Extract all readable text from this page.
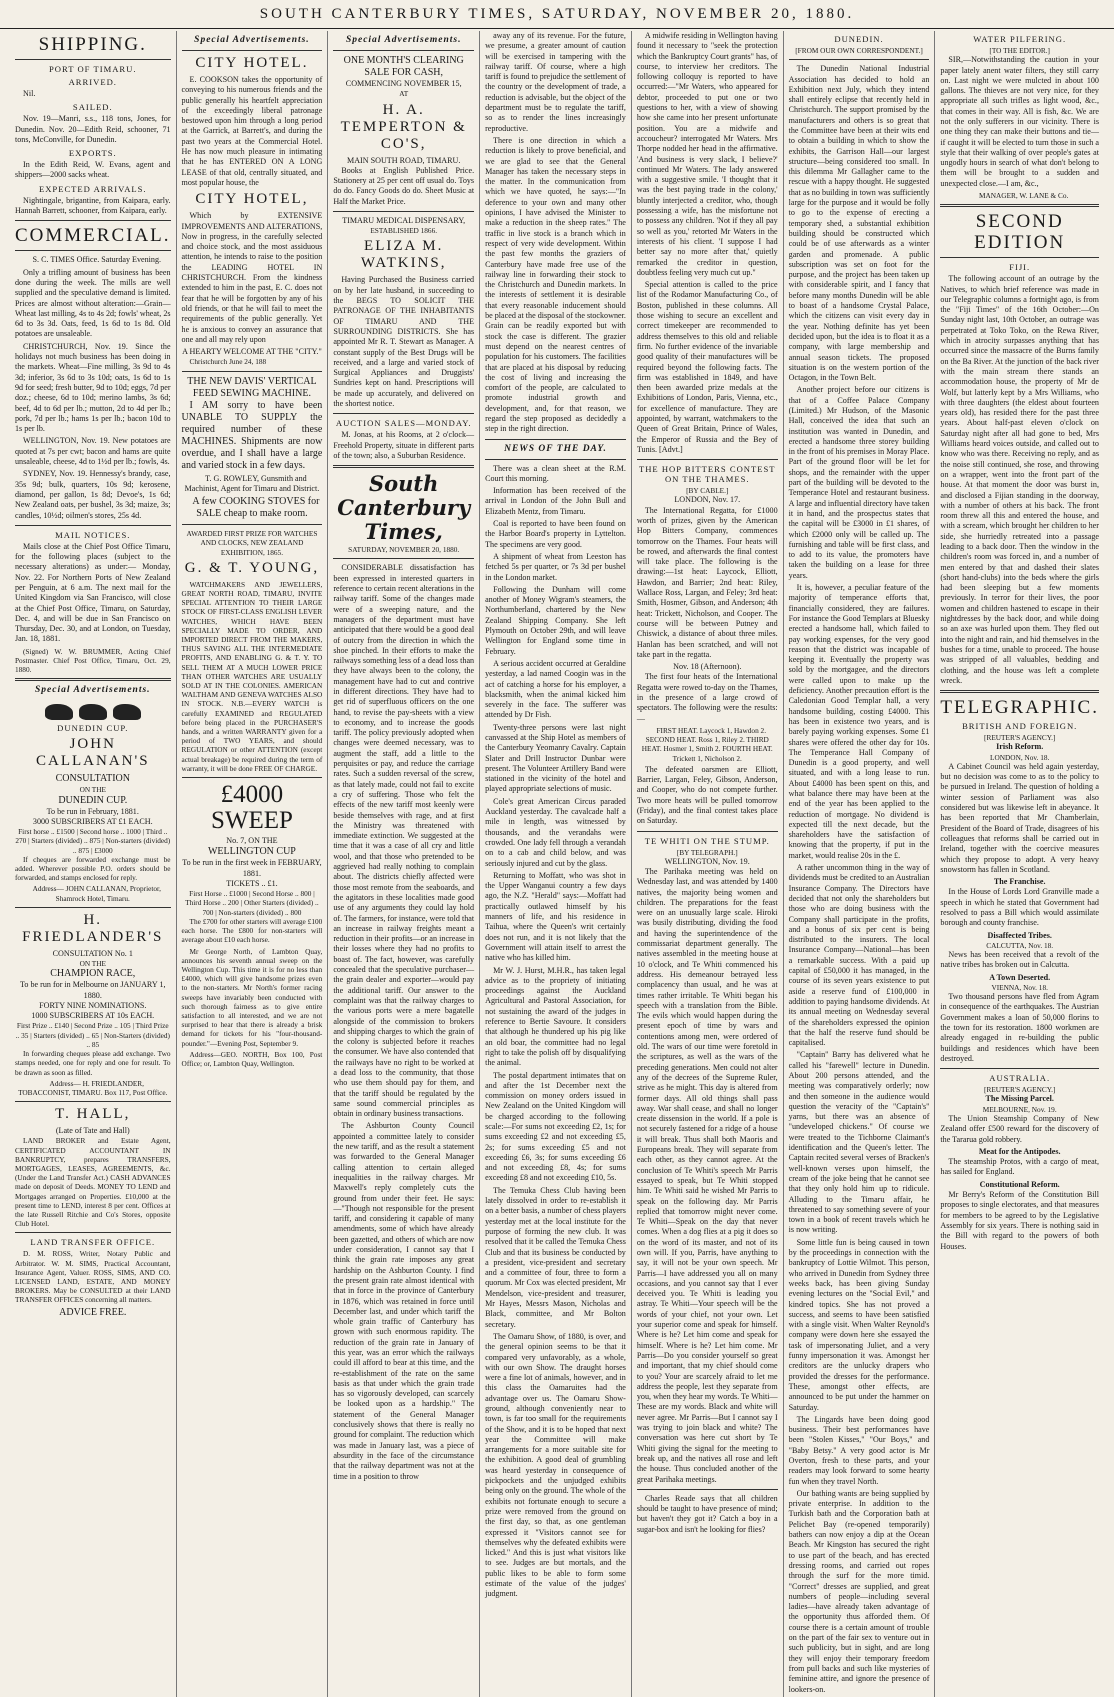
SOUTH CANTERBURY TIMES, SATURDAY, NOVEMBER 20, 1880.
SHIPPING.
PORT OF TIMARU.
ARRIVED.

Nil.

SAILED.

Nov. 19—Manri, s.s., 118 tons, Jones, for Dunedin. Nov. 20—Edith Reid, schooner, 71 tons, McConville, for Dunedin.

EXPORTS.

In the Edith Reid, W. Evans, agent and shippers—2000 sacks wheat.

EXPECTED ARRIVALS.

Nightingale, brigantine, from Kaipara, early. Hannah Barrett, schooner, from Kaipara, early.

COMMERCIAL.

S. C. TIMES Office. Saturday Evening.

Only a trifling amount of business has been done during the week. The mills are well supplied and the speculative demand is limited. Prices are almost without alteration:—Grain—Wheat last milling, 4s to 4s 2d; fowls' wheat, 2s 6d to 3s 3d. Oats, feed, 1s 6d to 1s 8d. Old potatoes are unsaleable.

CHRISTCHURCH, Nov. 19. Since the holidays not much business has been doing in the markets. Wheat—Fine milling, 3s 9d to 4s 3d; inferior, 3s 6d to 3s 10d; oats, 1s 6d to 1s 9d for seed; fresh butter, 9d to 10d; eggs, 7d per doz.; cheese, 6d to 10d; merino lambs, 3s 6d; beef, 4d to 6d per lb.; mutton, 2d to 4d per lb.; pork, 7d per lb.; hams 1s per lb.; bacon 10d to 1s per lb.

WELLINGTON, Nov. 19. New potatoes are quoted at 7s per cwt; bacon and hams are quite unsaleable, cheese, 4d to 1½d per lb.; fowls, 4s.

SYDNEY, Nov. 19. Hennessy's brandy, case, 35s 9d; bulk, quarters, 10s 9d; kerosene, diamond, per gallon, 1s 8d; Devoe's, 1s 6d; New Zealand oats, per bushel, 3s 3d; maize, 3s; candles, 10½d; oilmen's stores, 25s 4d.

MAIL NOTICES.

Mails close at the Chief Post Office Timaru, for the following places (subject to the necessary alterations) as under:— Monday, Nov. 22. For Northern Ports of New Zealand per Penguin, at 6 a.m. The next mail for the United Kingdom via San Francisco, will close at the Chief Post Office, Timaru, on Saturday, Dec. 4, and will be due in San Francisco on Thursday, Dec. 30, and at London, on Tuesday, Jan. 18, 1881.

(Signed) W. W. BRUMMER, Acting Chief Postmaster. Chief Post Office, Timaru, Oct. 29, 1880.

Special Advertisements.
DUNEDIN CUP.
JOHN CALLANAN'S
CONSULTATION
ON THE
DUNEDIN CUP.
To be run in February, 1881.
3000 SUBSCRIBERS AT £1 EACH.
First horse .. £1500 | Second horse .. 1000 | Third .. 270 | Starters (divided) .. 875 | Non-starters (divided) .. 875 | £3000

If cheques are forwarded exchange must be added. Wherever possible P.O. orders should be forwarded, and stamps enclosed for reply.

Address— JOHN CALLANAN, Proprietor, Shamrock Hotel, Timaru.

H. FRIEDLANDER'S
CONSULTATION No. 1
ON THE
CHAMPION RACE,
To be run for in Melbourne on JANUARY 1, 1880.
FORTY NINE NOMINATIONS.
1000 SUBSCRIBERS AT 10s EACH.
First Prize .. £140 | Second Prize .. 105 | Third Prize .. 35 | Starters (divided) .. 65 | Non-Starters (divided) .. 85

In forwarding cheques please add exchange. Two stamps needed, one for reply and one for result. To be drawn as soon as filled.

Address— H. FRIEDLANDER, TOBACCONIST, TIMARU. Box 117, Post Office.

T. HALL,
(Late of Tate and Hall)

LAND BROKER and Estate Agent, CERTIFICATED ACCOUNTANT IN BANKRUPTCY, prepares TRANSFERS, MORTGAGES, LEASES, AGREEMENTS, &c. (Under the Land Transfer Act.) CASH ADVANCES made on deposit of Deeds. MONEY TO LEND and Mortgages arranged on Properties. £10,000 at the present time to LEND, interest 8 per cent. Offices at the late Russell Ritchie and Co's Stores, opposite Club Hotel.

LAND TRANSFER OFFICE.

D. M. ROSS, Writer, Notary Public and Arbitrator. W. M. SIMS, Practical Accountant, Insurance Agent, Valuer. ROSS, SIMS, AND CO. LICENSED LAND, ESTATE, AND MONEY BROKERS. May be CONSULTED at their LAND TRANSFER OFFICES concerning all matters.

ADVICE FREE.
Special Advertisements.
CITY HOTEL.

E. COOKSON takes the opportunity of conveying to his numerous friends and the public generally his heartfelt appreciation of the exceedingly liberal patronage bestowed upon him through a long period at the Garrick, at Barrett's, and during the past two years at the Commercial Hotel. He has now much pleasure in intimating that he has ENTERED ON A LONG LEASE of that old, centrally situated, and most popular house, the

CITY HOTEL,

Which by EXTENSIVE IMPROVEMENTS AND ALTERATIONS, Now in progress, in the carefully selected and choice stock, and the most assiduous attention, he intends to raise to the position the LEADING HOTEL IN CHRISTCHURCH. From the kindness extended to him in the past, E. C. does not fear that he will be forgotten by any of his old friends, or that he will fail to meet the requirements of the public generally. Yet he is anxious to convey an assurance that one and all may rely upon

A HEARTY WELCOME AT THE "CITY."

Christchurch June 24, 188

THE NEW DAVIS' VERTICAL FEED SEWING MACHINE.

I AM sorry to have been UNABLE TO SUPPLY the required number of these MACHINES. Shipments are now overdue, and I shall have a large and varied stock in a few days.

T. G. ROWLEY, Gunsmith and Machinist, Agent for Timaru and District.

A few COOKING STOVES for SALE cheap to make room.

AWARDED FIRST PRIZE FOR WATCHES AND CLOCKS, NEW ZEALAND EXHIBITION, 1865.
G. & T. YOUNG,

WATCHMAKERS AND JEWELLERS, GREAT NORTH ROAD, TIMARU, INVITE SPECIAL ATTENTION TO THEIR LARGE STOCK OF FIRST-CLASS ENGLISH LEVER WATCHES, WHICH HAVE BEEN SPECIALLY MADE TO ORDER, AND IMPORTED DIRECT FROM THE MAKERS, THUS SAVING ALL THE INTERMEDIATE PROFITS, AND ENABLING G. & T. Y. TO SELL THEM AT A MUCH LOWER PRICE THAN OTHER WATCHES ARE USUALLY SOLD AT IN THE COLONIES. AMERICAN WALTHAM AND GENEVA WATCHES ALSO IN STOCK. N.B.—EVERY WATCH is carefully EXAMINED and REGULATED before being placed in the PURCHASER'S hands, and a written WARRANTY given for a period of TWO YEARS, and should REGULATION or other ATTENTION (except actual breakage) be required during the term of warranty, it will be done FREE OF CHARGE.

£4000 SWEEP
No. 7, ON THE
WELLINGTON CUP
To be run in the first week in FEBRUARY, 1881.
TICKETS .. £1.
First Horse .. £1000 | Second Horse .. 800 | Third Horse .. 200 | Other Starters (divided) .. 700 | Non-starters (divided) .. 800

The £700 for other starters will average £100 each horse. The £800 for non-starters will average about £10 each horse.

Mr George North, of Lambton Quay, announces his seventh annual sweep on the Wellington Cup. This time it is for no less than £4000, which will give handsome prizes even to the non-starters. Mr North's former racing sweeps have invariably been conducted with such thorough fairness as to give entire satisfaction to all interested, and we are not surprised to hear that there is already a brisk demand for tickets for his "four-thousand-pounder."—Evening Post, September 9.

Address—GEO. NORTH, Box 100, Post Office; or, Lambton Quay, Wellington.

Special Advertisements.
ONE MONTH'S CLEARING SALE FOR CASH,
COMMENCING NOVEMBER 15,
AT
H. A. TEMPERTON & CO'S,
MAIN SOUTH ROAD, TIMARU.

Books at English Published Price. Stationery at 25 per cent off usual do. Toys do do. Fancy Goods do do. Sheet Music at Half the Market Price.

TIMARU MEDICAL DISPENSARY,
ESTABLISHED 1866.
ELIZA M. WATKINS,

Having Purchased the Business carried on by her late husband, in succeeding to the BEGS TO SOLICIT THE PATRONAGE OF THE INHABITANTS OF TIMARU AND THE SURROUNDING DISTRICTS. She has appointed Mr R. T. Stewart as Manager. A constant supply of the Best Drugs will be received, and a large and varied stock of Surgical Appliances and Druggists' Sundries kept on hand. Prescriptions will be made up accurately, and delivered on the shortest notice.

AUCTION SALES—MONDAY.

M. Jonas, at his Rooms, at 2 o'clock—Freehold Property, situate in different parts of the town; also, a Suburban Residence.

South Canterbury Times,
SATURDAY, NOVEMBER 20, 1880.

CONSIDERABLE dissatisfaction has been expressed in interested quarters in reference to certain recent alterations in the railway tariff. Some of the changes made were of a sweeping nature, and the managers of the department must have anticipated that there would be a good deal of outcry from the direction in which the shoe pinched. In their efforts to make the railways something less of a dead loss than they have always been to the colony, the management have had to cut and contrive in different directions. They have had to get rid of superfluous officers on the one hand, to revise the pay-sheets with a view to economy, and to increase the goods tariff. The policy previously adopted when changes were deemed necessary, was to augment the staff, add a little to the perquisites or pay, and reduce the carriage rates. Such a sudden reversal of the screw, as that lately made, could not fail to excite a cry of suffering. Those who felt the effects of the new tariff most keenly were beside themselves with rage, and at first the Ministry was threatened with immediate extinction. We suggested at the time that it was a case of all cry and little wool, and that those who pretended to be aggrieved had really nothing to complain about. The districts chiefly affected were those most remote from the seaboards, and the agitators in these localities made good use of any arguments they could lay hold of. The farmers, for instance, were told that an increase in railway freights meant a reduction in their profits—or an increase in their losses where they had no profits to boast of. The fact, however, was carefully concealed that the speculative purchaser—the grain dealer and exporter—would pay the additional tariff. Our answer to the complaint was that the railway charges to the various ports were a mere bagatelle alongside of the commission to brokers and shipping charges to which the grain of the colony is subjected before it reaches the consumer. We have also contended that the railways have no right to be worked at a dead loss to the community, that those who use them should pay for them, and that the tariff should be regulated by the same sound commercial principles as obtain in ordinary business transactions.

The Ashburton County Council appointed a committee lately to consider the new tariff, and as the result a statement was forwarded to the General Manager calling attention to certain alleged inequalities in the railway charges. Mr Maxwell's reply completely cuts the ground from under their feet. He says:—"Though not responsible for the present tariff, and considering it capable of many amendments, some of which have already been gazetted, and others of which are now under consideration, I cannot say that I think the grain rate imposes any great hardship on the Ashburton County. I find the present grain rate almost identical with that in force in the province of Canterbury in 1876, which was retained in force until December last, and under which tariff the whole grain traffic of Canterbury has grown with such enormous rapidity. The reduction of the grain rate in January of this year, was an error which the railways could ill afford to bear at this time, and the re-establishment of the rate on the same basis as that under which the grain trade has so vigorously developed, can scarcely be looked upon as a hardship." The statement of the General Manager conclusively shows that there is really no ground for complaint. The reduction which was made in January last, was a piece of absurdity in the face of the circumstance that the railway department was not at the time in a position to throw

away any of its revenue. For the future, we presume, a greater amount of caution will be exercised in tampering with the railway tariff. Of course, where a high tariff is found to prejudice the settlement of the country or the development of trade, a reduction is advisable, but the object of the department must be to regulate the tariff, so as to render the lines increasingly reproductive.

There is one direction in which a reduction is likely to prove beneficial, and we are glad to see that the General Manager has taken the necessary steps in the matter. In the communication from which we have quoted, he says:—"In deference to your own and many other opinions, I have advised the Minister to make a reduction in the sheep rates." The traffic in live stock is a branch which in respect of very wide development. Within the past few months the graziers of Canterbury have made free use of the railway line in forwarding their stock to the Christchurch and Dunedin markets. In the interests of settlement it is desirable that every reasonable inducement should be placed at the disposal of the stockowner. Grain can be readily exported but with stock the case is different. The grazier must depend on the nearest centres of population for his customers. The facilities that are placed at his disposal by reducing the cost of living and increasing the comfort of the people, are calculated to promote industrial growth and development, and, for that reason, we regard the step proposed as decidedly a step in the right direction.

NEWS OF THE DAY.

There was a clean sheet at the R.M. Court this morning.

Information has been received of the arrival in London of the John Bull and Elizabeth Mentz, from Timaru.

Coal is reported to have been found on the Harbor Board's property in Lyttelton. The specimens are very good.

A shipment of wheat from Leeston has fetched 5s per quarter, or 7s 3d per bushel in the London market.

Following the Dunham will come another of Money Wigram's steamers, the Northumberland, chartered by the New Zealand Shipping Company. She left Plymouth on October 29th, and will leave Wellington for England some time in February.

A serious accident occurred at Geraldine yesterday, a lad named Coogin was in the act of catching a horse for his employer, a blacksmith, when the animal kicked him severely in the face. The sufferer was attended by Dr Fish.

Twenty-three persons were last night canvassed at the Ship Hotel as members of the Canterbury Yeomanry Cavalry. Captain Slater and Drill Instructor Dunbar were present. The Volunteer Artillery Band were stationed in the vicinity of the hotel and played appropriate selections of music.

Cole's great American Circus paraded Auckland yesterday. The cavalcade half a mile in length, was witnessed by thousands, and the verandahs were crowded. One lady fell through a verandah on to a cab and child below, and was seriously injured and cut by the glass.

Returning to Moffatt, who was shot in the Upper Wanganui country a few days ago, the N.Z. "Herald" says:—Moffatt had practically outlawed himself by his manners of life, and his residence in Taihua, where the Queen's writ certainly does not run, and it is not likely that the Government will attain itself to arrest the native who has killed him.

Mr W. J. Hurst, M.H.R., has taken legal advice as to the propriety of initiating proceedings against the Auckland Agricultural and Pastoral Association, for not sustaining the award of the judges in reference to Bertie Savoure. It considers that although he thundered up his pig like an old boar, the committee had no legal right to take the polish off by disqualifying the animal.

The postal department intimates that on and after the 1st December next the commission on money orders issued in New Zealand on the United Kingdom will be charged according to the following scale:—For sums not exceeding £2, 1s; for sums exceeding £2 and not exceeding £5, 2s; for sums exceeding £5 and not exceeding £6, 3s; for sums exceeding £6 and not exceeding £8, 4s; for sums exceeding £8 and not exceeding £10, 5s.

The Temuka Chess Club having been lately dissolved in order to re-establish it on a better basis, a number of chess players yesterday met at the local institute for the purpose of forming the new club. It was resolved that it be called the Temuka Chess Club and that its business be conducted by a president, vice-president and secretary and a committee of four, three to form a quorum. Mr Cox was elected president, Mr Mendelson, vice-president and treasurer, Mr Hayes, Messrs Mason, Nicholas and Black, committee, and Mr Bolton secretary.

The Oamaru Show, of 1880, is over, and the general opinion seems to be that it compared very unfavorably, as a whole, with our own Show. The draught horses were a fine lot of animals, however, and in this class the Oamaruites had the advantage over us. The Oamaru Show-ground, although conveniently near to town, is far too small for the requirements of the Show, and it is to be hoped that next year the Committee will make arrangements for a more suitable site for the exhibition. A good deal of grumbling was heard yesterday in consequence of pickpockets and the unjudged exhibits being only on the ground. The whole of the exhibits not fortunate enough to secure a prize were removed from the ground on the first day, so that, as one gentleman expressed it "Visitors cannot see for themselves why the defeated exhibits were licked." And this is just what visitors like to see. Judges are but mortals, and the public likes to be able to form some estimate of the value of the judges' judgment.

A midwife residing in Wellington having found it necessary to "seek the protection which the Bankruptcy Court grants" has, of course, to interview her creditors. The following colloquy is reported to have occurred:—"Mr Waters, who appeared for debtor, proceeded to put one or two questions to her, with a view of showing how she came into her present unfortunate position. You are a midwife and accoucheur? interrogated Mr Waters. Mrs Thorpe nodded her head in the affirmative. 'And business is very slack, I believe?' continued Mr Waters. The lady answered with a suggestive smile. 'I thought that it was the best paying trade in the colony,' bluntly interjected a creditor, who, though possessing a wife, has the misfortune not to possess any children. 'Not if they all pay so well as you,' retorted Mr Waters in the interests of his client. 'I suppose I had better say no more after that,' quietly remarked the creditor in question, doubtless feeling very much cut up."

Special attention is called to the price list of the Rodamor Manufacturing Co., of Boston, published in these columns. All those wishing to secure an excellent and correct timekeeper are recommended to address themselves to this old and reliable firm. No further evidence of the invariable good quality of their manufactures will be required beyond the following facts. The firm was established in 1849, and have then been awarded prize medals at the Exhibitions of London, Paris, Vienna, etc., for excellence of manufacture. They are appointed, by warrant, watchmakers to the Queen of Great Britain, Prince of Wales, the Emperor of Russia and the Bey of Tunis. [Advt.]

THE HOP BITTERS CONTEST ON THE THAMES.
[BY CABLE.]
LONDON, Nov. 17.

The International Regatta, for £1000 worth of prizes, given by the American Hop Bitters Company, commences tomorrow on the Thames. Four heats will be rowed, and afterwards the final contest will take place. The following is the drawing:—1st heat: Laycock, Elliott, Hawdon, and Barrier; 2nd heat: Riley, Wallace Ross, Largan, and Feley; 3rd heat: Smith, Hosmer, Gibson, and Anderson; 4th heat: Trickett, Nicholson, and Cooper. The course will be between Putney and Chiswick, a distance of about three miles. Hanlan has been scratched, and will not take part in the regatta.

Nov. 18 (Afternoon).

The first four heats of the International Regatta were rowed to-day on the Thames, in the presence of a large crowd of spectators. The following were the results:—

FIRST HEAT. Laycock 1, Hawdon 2. SECOND HEAT. Ross 1, Riley 2. THIRD HEAT. Hosmer 1, Smith 2. FOURTH HEAT. Trickett 1, Nicholson 2.

The defeated oarsmen are Elliott, Barrier, Largan, Feley, Gibson, Anderson, and Cooper, who do not compete further. Two more heats will be pulled tomorrow (Friday), and the final contest takes place on Saturday.

TE WHITI ON THE STUMP.
[BY TELEGRAPH.]
WELLINGTON, Nov. 19.

The Parihaka meeting was held on Wednesday last, and was attended by 1400 natives, the majority being women and children. The preparations for the feast were on an unusually large scale. Hiroki was busily distributing, dividing the food and having the superintendence of the commissariat department generally. The natives assembled in the meeting house at 10 o'clock, and Te Whiti commenced his address. His demeanour betrayed less complacency than usual, and he was at times rather irritable. Te Whiti began his speech with a translation from the Bible. The evils which would happen during the present epoch of time by wars and contentions among men, were ordered of old. The wars of our time were foretold in the scriptures, as well as the wars of the preceding generations. Men could not alter any of the decrees of the Supreme Ruler, strive as he might. This day is altered from former days. All old things shall pass away. War shall cease, and shall no longer create dissension in the world. If a pole is not securely fastened for a ridge of a house it will break. Thus shall both Maoris and Europeans break. They will separate from each other, as they cannot agree. At the conclusion of Te Whiti's speech Mr Parris essayed to speak, but Te Whiti stopped him. Te Whiti said he wished Mr Parris to speak on the following day. Mr Parris replied that tomorrow might never come. Te Whiti—Speak on the day that never comes. When a dog flies at a pig it does so on the word of its master, and not of its own will. If you, Parris, have anything to say, it will not be your own speech. Mr Parris—I have addressed you all on many occasions, and you cannot say that I ever deceived you. Te Whiti is leading you astray. Te Whiti—Your speech will be the words of your chief, not your own. Let your superior come and speak for himself. Where is he? Let him come and speak for himself. Where is he? Let him come. Mr Parris—Do you consider yourself so great and important, that my chief should come to you? Your are scarcely afraid to let me address the people, lest they separate from you, when they hear my words. Te Whiti—These are my words. Black and white will never agree. Mr Parris—But I cannot say I was trying to join black and white? The conversation was here cut short by Te Whiti giving the signal for the meeting to break up, and the natives all rose and left the house. Thus concluded another of the great Parihaka meetings.

Charles Reade says that all children should be taught to have presence of mind; but haven't they got it? Catch a boy in a sugar-box and isn't he looking for flies?

DUNEDIN.
[FROM OUR OWN CORRESPONDENT.]

The Dunedin National Industrial Association has decided to hold an Exhibition next July, which they intend shall entirely eclipse that recently held in Christchurch. The support promised by the manufacturers and others is so great that the Committee have been at their wits end to obtain a building in which to show the exhibits, the Garrison Hall—our largest structure—being considered too small. In this dilemma Mr Gallagher came to the rescue with a happy thought. He suggested that as no building in town was sufficiently large for the purpose and it would be folly to go to the expense of erecting a temporary shed, a substantial exhibition building should be constructed which could be of use afterwards as a winter garden and promenade. A public subscription was set on foot for the purpose, and the project has been taken up with considerable spirit, and I fancy that before many months Dunedin will be able to boast of a handsome Crystal Palace, which the citizens can visit every day in the year. Nothing definite has yet been decided upon, but the idea is to float it as a company, with large membership and annual season tickets. The proposed situation is on the western portion of the Octagon, in the Town Belt.

Another project before our citizens is that of a Coffee Palace Company (Limited.) Mr Hudson, of the Masonic Hall, conceived the idea that such an institution was wanted in Dunedin, and erected a handsome three storey building in the front of his premises in Moray Place. Part of the ground floor will be let for shops, and the remainder with the upper part of the building will be devoted to the Temperance Hotel and restaurant business. A large and influential directory have taken it in hand, and the prospectus states that the capital will be £3000 in £1 shares, of which £2000 only will be called up. The furnishing and table will be first class, and to add to its value, the promoters have taken the building on a lease for three years.

It is, however, a peculiar feature of the majority of temperance efforts that, financially considered, they are failures. For instance the Good Templars at Bluesky erected a handsome hall, which failed to pay working expenses, for the very good reason that the district was incapable of keeping it. Eventually the property was sold by the mortgagee, and the directors were called upon to make up the deficiency. Another precaution effort is the Caledonian Good Templar hall, a very handsome building, costing £4000. This has been in existence two years, and is barely paying working expenses. Some £1 shares were offered the other day for 10s. The Temperance Hall Company of Dunedin is a good property, and well situated, and with a long lease to run. About £4000 has been spent on this, and what balance there may have been at the end of the year has been applied to the reduction of mortgage. No dividend is expected till the next decade, but the shareholders have the satisfaction of knowing that the property, if put in the market, would realise 20s in the £.

A rather uncommon thing in the way of dividends must be credited to an Australian Insurance Company. The Directors have decided that not only the shareholders but those who are doing business with the Company shall participate in the profits, and a bonus of six per cent is being distributed to the insurers. The local Insurance Company—National—has been a remarkable success. With a paid up capital of £50,000 it has managed, in the course of its seven years existence to put aside a reserve fund of £100,000 in addition to paying handsome dividends. At its annual meeting on Wednesday several of the shareholders expressed the opinion that the half the reserve fund should be capitalised.

"Captain" Barry has delivered what he called his "farewell" lecture in Dunedin. About 200 persons attended, and the meeting was comparatively orderly; now and then someone in the audience would question the veracity of the "Captain's" yarns, but there was an absence of "undeveloped chickens." Of course we were treated to the Tichborne Claimant's identification and the Queen's letter. The Captain recited several verses of Bracken's well-known verses upon himself, the cream of the joke being that he cannot see that they only hold him up to ridicule. Alluding to the Timaru affair, he threatened to say something severe of your town in a book of recent travels which he is now writing.

Some little fun is being caused in town by the proceedings in connection with the bankruptcy of Lottie Wilmot. This person, who arrived in Dunedin from Sydney three weeks back, has been giving Sunday evening lectures on the "Social Evil," and kindred topics. She has not proved a success, and seems to have been satisfied with a single visit. When Walter Reynold's company were down here she essayed the task of impersonating Juliet, and a very funny impersonation it was. Amongst her creditors are the unlucky drapers who provided the dresses for the performance. These, amongst other effects, are announced to be put under the hammer on Saturday.

The Lingards have been doing good business. Their best performances have been "Stolen Kisses," "Our Boys," and "Baby Betsy." A very good actor is Mr Overton, fresh to these parts, and your readers may look forward to some hearty fun when they travel North.

Our bathing wants are being supplied by private enterprise. In addition to the Turkish bath and the Corporation bath at Pelichet Bay (re-opened temporarily) bathers can now enjoy a dip at the Ocean Beach. Mr Kingston has secured the right to use part of the beach, and has erected dressing rooms, and carried out ropes through the surf for the more timid. "Correct" dresses are supplied, and great numbers of people—including several ladies—have already taken advantage of the opportunity thus afforded them. Of course there is a certain amount of trouble on the part of the fair sex to venture out in such publicity, but in sight, and are long they will enjoy their temporary freedom from pull backs and such like mysteries of feminine attire, and ignore the presence of lookers-on.

WATER PILFERING.
[TO THE EDITOR.]

SIR,—Notwithstanding the caution in your paper lately anent water filters, they still carry on. Last night we were mulcted in about 100 gallons. The thieves are not very nice, for they appropriate all such trifles as light wood, &c., that comes in their way. All is fish, &c. We are not the only sufferers in our vicinity. There is one thing they can make their buttons and tie—if caught it will be elected to turn those in such a style that their walking of over people's gates at ungodly hours in search of what don't belong to them will be brought to a sudden and unexpected close.—I am, &c.,

MANAGER, W. LANE & Co.

SECOND EDITION
FIJI.

The following account of an outrage by the Natives, to which brief reference was made in our Telegraphic columns a fortnight ago, is from the "Fiji Times" of the 16th October:—On Sunday night last, 10th October, an outrage was perpetrated at Toko Toko, on the Rewa River, which in atrocity surpasses anything that has occurred since the massacre of the Burns family on the Ba River. At the junction of the back river with the main stream there stands an accommodation house, the property of Mr de Wolf, but latterly kept by a Mrs Williams, who with three daughters (the eldest about fourteen years old), has resided there for the past three years. About half-past eleven o'clock on Saturday night after all had gone to bed, Mrs Williams heard voices outside, and called out to know who was there. Receiving no reply, and as the noise still continued, she rose, and throwing on a wrapper, went into the front part of the house. At that moment the door was burst in, and disclosed a Fijian standing in the doorway, with a number of others at his back. The front room threw all this and entered the house, and with a scream, which brought her children to her side, she hurriedly retreated into a passage leading to a back door. Then the window in the children's room was forced in, and a number of men entered by that and dashed their slates (short hand-clubs) into the beds where the girls had been sleeping but a few moments previously. In terror for their lives, the poor women and children hastened to escape in their nightdresses by the back door, and while doing so an axe was hurled upon them. They fled out into the night and rain, and hid themselves in the bushes for a time, unable to proceed. The house was stripped of all valuables, bedding and clothing, and the house was left a complete wreck.

TELEGRAPHIC.
BRITISH AND FOREIGN.
[REUTER'S AGENCY.]
Irish Reform.
LONDON, Nov. 18.

A Cabinet Council was held again yesterday, but no decision was come to as to the policy to be pursued in Ireland. The question of holding a winter session of Parliament was also considered but was likewise left in abeyance. It has been reported that Mr Chamberlain, President of the Board of Trade, disagrees of his colleagues that reforms shall be carried out in Ireland, together with the coercive measures which they propose to adopt. A very heavy snowstorm has fallen in Scotland.

The Franchise.

In the House of Lords Lord Granville made a speech in which he stated that Government had resolved to pass a Bill which would assimilate borough and county franchise.

Disaffected Tribes.
CALCUTTA, Nov. 18.

News has been received that a revolt of the native tribes has broken out in Calcutta.

A Town Deserted.
VIENNA, Nov. 18.

Two thousand persons have fled from Agram in consequence of the earthquakes. The Austrian Government makes a loan of 50,000 florins to the town for its restoration. 1800 workmen are already engaged in re-building the public buildings and residences which have been destroyed.

AUSTRALIA.
[REUTER'S AGENCY.]
The Missing Parcel.
MELBOURNE, Nov. 19.

The Union Steamship Company of New Zealand offer £500 reward for the discovery of the Tararua gold robbery.

Meat for the Antipodes.

The steamship Protos, with a cargo of meat, has sailed for England.

Constitutional Reform.

Mr Berry's Reform of the Constitution Bill proposes to single electorates, and that measures for members to be agreed to by the Legislative Assembly for six years. There is nothing said in the Bill with regard to the powers of both Houses.
